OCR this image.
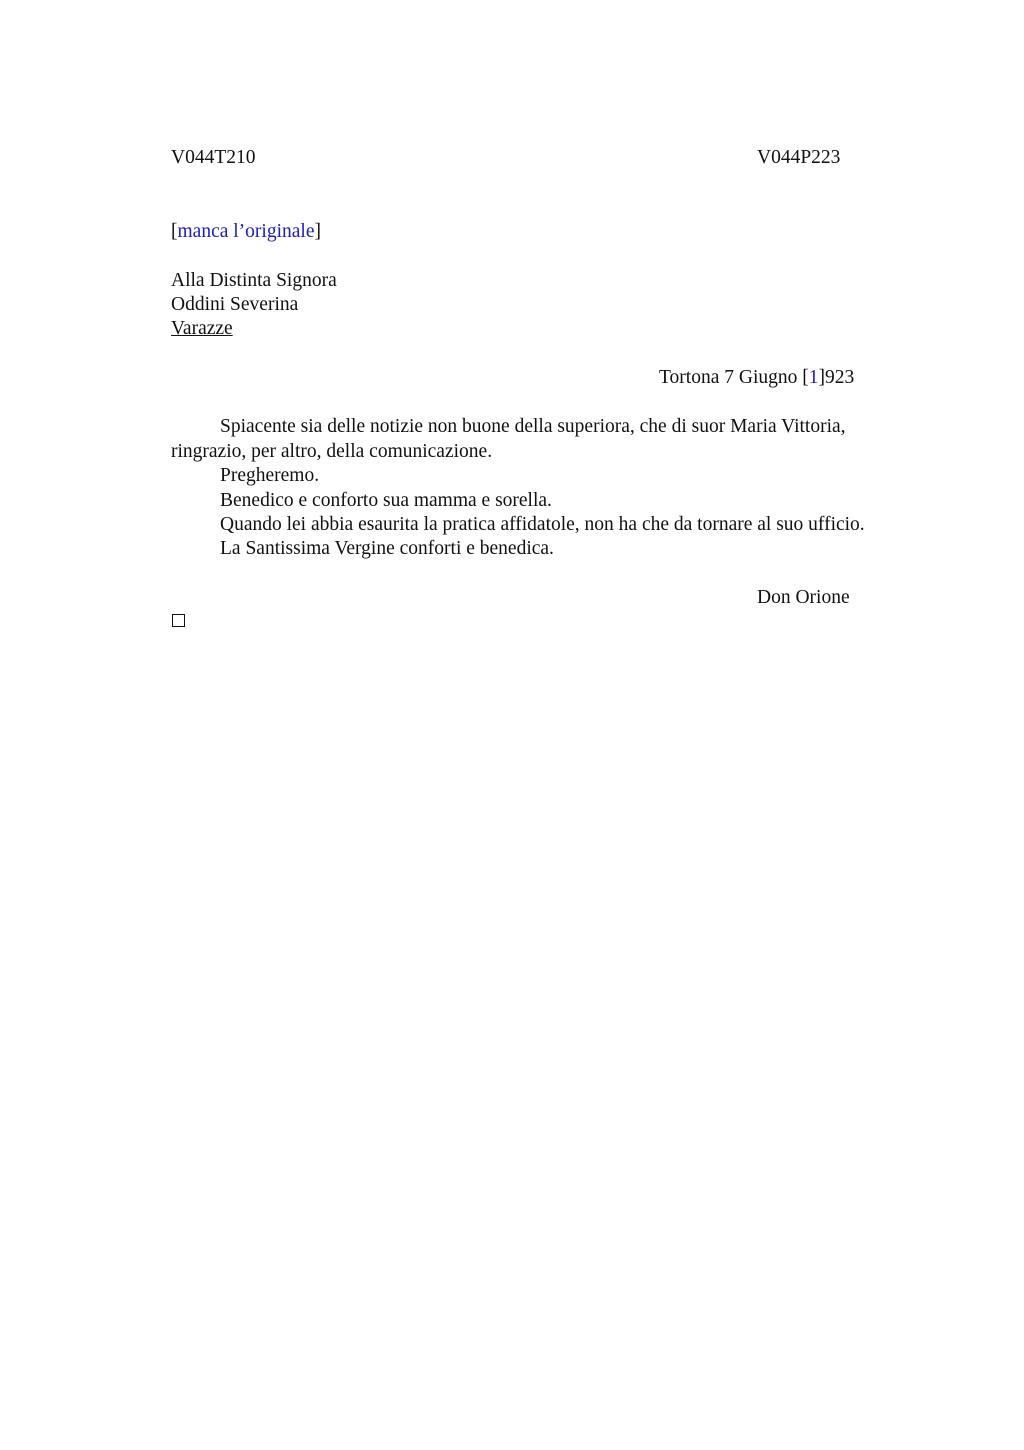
V044T210	V044P223
[manca l’originale]
Alla Distinta Signora
Oddini Severina
Varazze
Tortona 7 Giugno [1]923
Spiacente sia delle notizie non buone della superiora, che di suor Maria Vittoria, ringrazio, per altro, della comunicazione.
Pregheremo.
Benedico e conforto sua mamma e sorella.
Quando lei abbia esaurita la pratica affidatole, non ha che da tornare al suo ufficio.
La Santissima Vergine conforti e benedica.
Don Orione
